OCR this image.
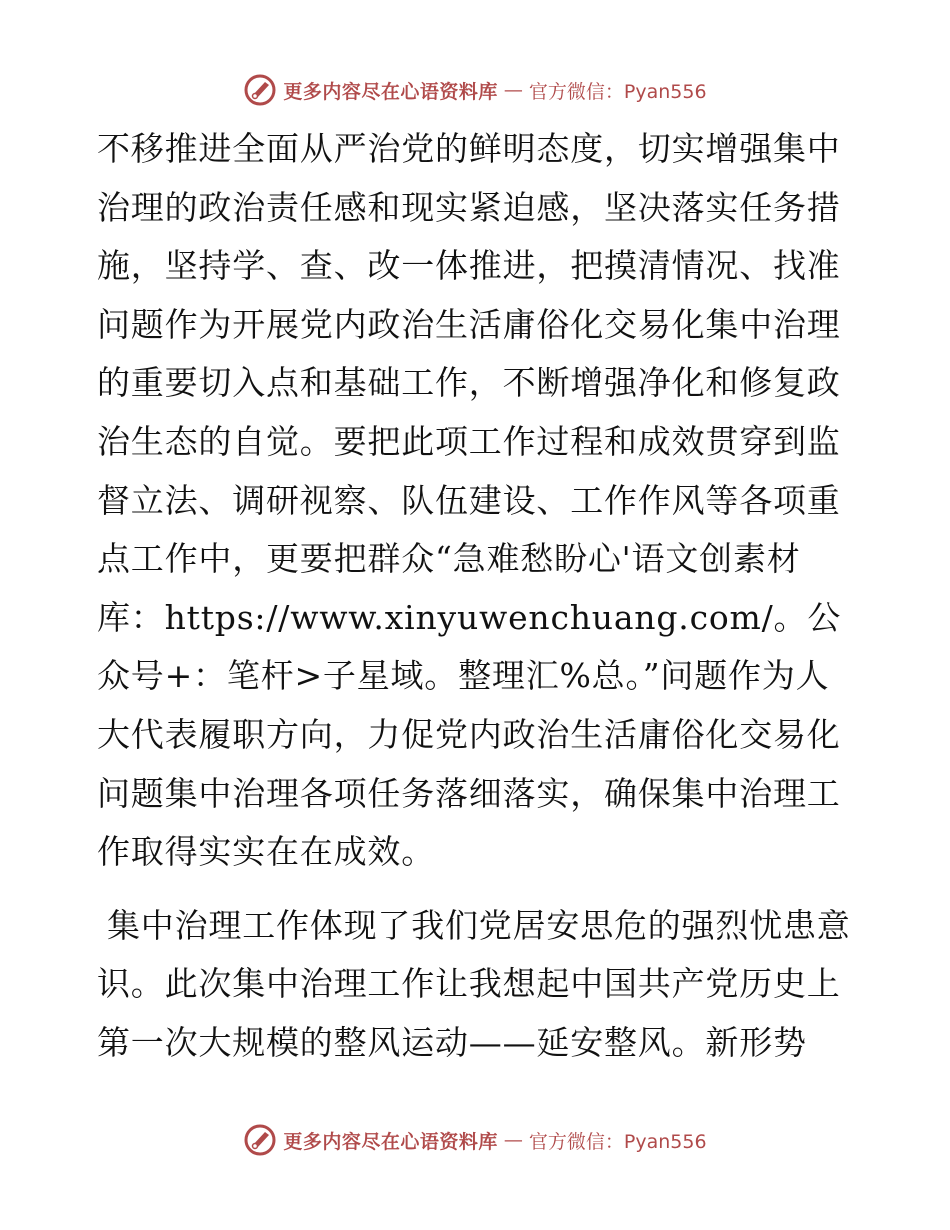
更多内容尽在心语资料库 — 官方微信：Pyan556

不移推进全面从严治党的鲜明态度，切实增强集中治理的政治责任感和现实紧迫感，坚决落实任务措施，坚持学、查、改一体推进，把摸清情况、找准问题作为开展党内政治生活庸俗化交易化集中治理的重要切入点和基础工作，不断增强净化和修复政治生态的自觉。要把此项工作过程和成效贯穿到监督立法、调研视察、队伍建设、工作作风等各项重点工作中，更要把群众“急难愁盼心'语文创素材库：https://www.xinyuwenchuang.com/。公众号+：笔杆>子星域。整理汇%总。”问题作为人大代表履职方向，力促党内政治生活庸俗化交易化问题集中治理各项任务落细落实，确保集中治理工作取得实实在在成效。

集中治理工作体现了我们党居安思危的强烈忧患意识。此次集中治理工作让我想起中国共产党历史上第一次大规模的整风运动——延安整风。新形势

更多内容尽在心语资料库 — 官方微信：Pyan556
